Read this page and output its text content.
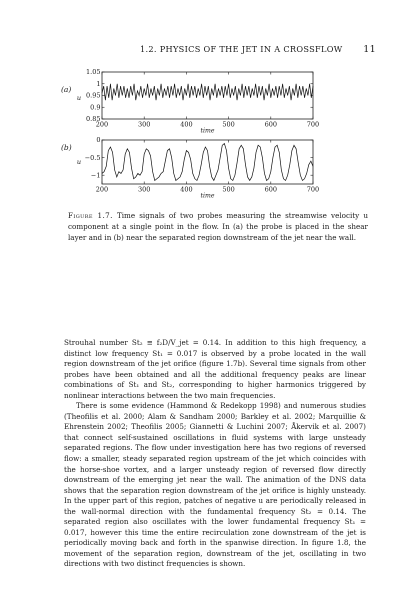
1.2. PHYSICS OF THE JET IN A CROSSFLOW 11
200	300	400	500	600	700
0.85
0.9
0.95
1
1.05
time
u
(a)
200	300	400	500	600	700
0
−0.5
−1
time
u
(b)
Figure 1.7. Time signals of two probes measuring the streamwise velocity u component at a single point in the flow. In (a) the probe is placed in the shear layer and in (b) near the separated region downstream of the jet near the wall.

Strouhal number St₂ ≡ f₂D/V_jet = 0.14. In addition to this high frequency, a distinct low frequency St₁ = 0.017 is observed by a probe located in the wall region downstream of the jet orifice (figure 1.7b). Several time signals from other probes have been obtained and all the additional frequency peaks are linear combinations of St₁ and St₂, corresponding to higher harmonics triggered by nonlinear interactions between the two main frequencies.

There is some evidence (Hammond & Redekopp 1998) and numerous studies (Theofilis et al. 2000; Alam & Sandham 2000; Barkley et al. 2002; Marquillie & Ehrenstein 2002; Theofilis 2005; Giannetti & Luchini 2007; Åkervik et al. 2007) that connect self-sustained oscillations in fluid systems with large unsteady separated regions. The flow under investigation here has two regions of reversed flow: a smaller, steady separated region upstream of the jet which coincides with the horse-shoe vortex, and a larger unsteady region of reversed flow directly downstream of the emerging jet near the wall. The animation of the DNS data shows that the separation region downstream of the jet orifice is highly unsteady. In the upper part of this region, patches of negative u are periodically released in the wall-normal direction with the fundamental frequency St₂ = 0.14. The separated region also oscillates with the lower fundamental frequency St₁ = 0.017, however this time the entire recirculation zone downstream of the jet is periodically moving back and forth in the spanwise direction. In figure 1.8, the movement of the separation region, downstream of the jet, oscillating in two directions with two distinct frequencies is shown.
